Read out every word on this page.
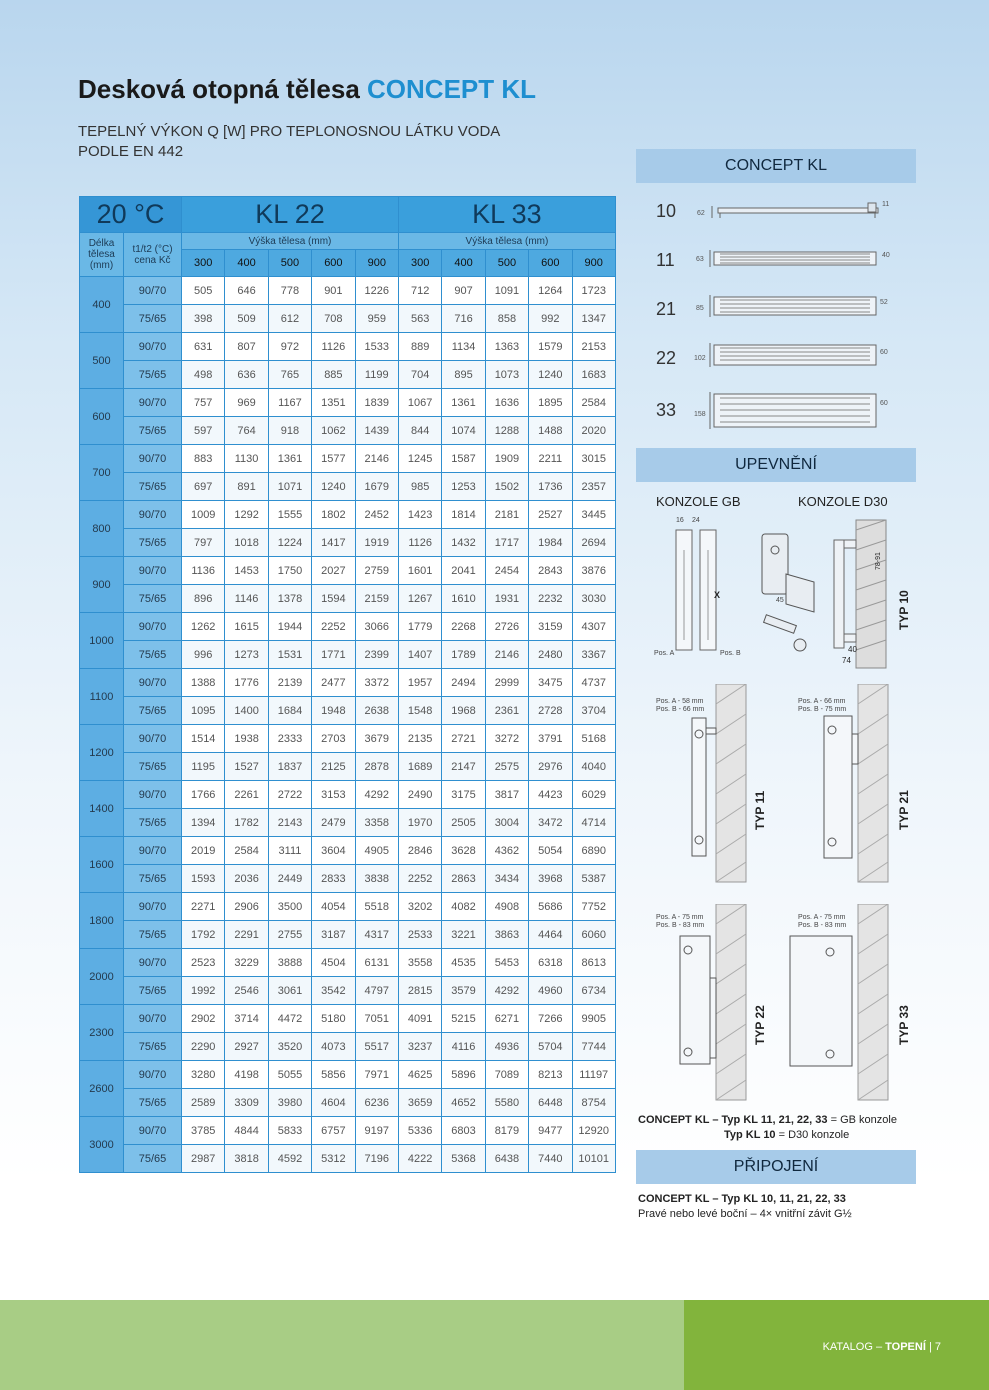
Desková otopná tělesa CONCEPT KL
TEPELNÝ VÝKON Q [W] PRO TEPLONOSNOU LÁTKU VODA
PODLE EN 442
20 °C		KL 22					KL 33				
Délka tělesa (mm)	t1/t2 (°C) cena Kč	Výška tělesa (mm)					Výška tělesa (mm)				
		300	400	500	600	900	300	400	500	600	900
400	90/70	505	646	778	901	1226	712	907	1091	1264	1723
	75/65	398	509	612	708	959	563	716	858	992	1347
500	90/70	631	807	972	1126	1533	889	1134	1363	1579	2153
	75/65	498	636	765	885	1199	704	895	1073	1240	1683
600	90/70	757	969	1167	1351	1839	1067	1361	1636	1895	2584
	75/65	597	764	918	1062	1439	844	1074	1288	1488	2020
700	90/70	883	1130	1361	1577	2146	1245	1587	1909	2211	3015
	75/65	697	891	1071	1240	1679	985	1253	1502	1736	2357
800	90/70	1009	1292	1555	1802	2452	1423	1814	2181	2527	3445
	75/65	797	1018	1224	1417	1919	1126	1432	1717	1984	2694
900	90/70	1136	1453	1750	2027	2759	1601	2041	2454	2843	3876
	75/65	896	1146	1378	1594	2159	1267	1610	1931	2232	3030
1000	90/70	1262	1615	1944	2252	3066	1779	2268	2726	3159	4307
	75/65	996	1273	1531	1771	2399	1407	1789	2146	2480	3367
1100	90/70	1388	1776	2139	2477	3372	1957	2494	2999	3475	4737
	75/65	1095	1400	1684	1948	2638	1548	1968	2361	2728	3704
1200	90/70	1514	1938	2333	2703	3679	2135	2721	3272	3791	5168
	75/65	1195	1527	1837	2125	2878	1689	2147	2575	2976	4040
1400	90/70	1766	2261	2722	3153	4292	2490	3175	3817	4423	6029
	75/65	1394	1782	2143	2479	3358	1970	2505	3004	3472	4714
1600	90/70	2019	2584	3111	3604	4905	2846	3628	4362	5054	6890
	75/65	1593	2036	2449	2833	3838	2252	2863	3434	3968	5387
1800	90/70	2271	2906	3500	4054	5518	3202	4082	4908	5686	7752
	75/65	1792	2291	2755	3187	4317	2533	3221	3863	4464	6060
2000	90/70	2523	3229	3888	4504	6131	3558	4535	5453	6318	8613
	75/65	1992	2546	3061	3542	4797	2815	3579	4292	4960	6734
2300	90/70	2902	3714	4472	5180	7051	4091	5215	6271	7266	9905
	75/65	2290	2927	3520	4073	5517	3237	4116	4936	5704	7744
2600	90/70	3280	4198	5055	5856	7971	4625	5896	7089	8213	11197
	75/65	2589	3309	3980	4604	6236	3659	4652	5580	6448	8754
3000	90/70	3785	4844	5833	6757	9197	5336	6803	8179	9477	12920
	75/65	2987	3818	4592	5312	7196	4222	5368	6438	7440	10101
CONCEPT KL
10
11
21
22
33
62
11
63
40
85
52
102
60
158
60
UPEVNĚNÍ
KONZOLE GB	KONZOLE D30
16 24
X
Pos. A	Pos. B
45
78-91
40
74
TYP 10
Pos. A - 58 mm
Pos. B - 66 mm
Pos. A - 66 mm
Pos. B - 75 mm
TYP 11	TYP 21
Pos. A - 75 mm
Pos. B - 83 mm
Pos. A - 75 mm
Pos. B - 83 mm
TYP 22	TYP 33
CONCEPT KL – Typ KL 11, 21, 22, 33 = GB konzole
Typ KL 10 = D30 konzole
PŘIPOJENÍ
CONCEPT KL – Typ KL 10, 11, 21, 22, 33
Pravé nebo levé boční – 4× vnitřní závit G½
KATALOG – TOPENÍ | 7
